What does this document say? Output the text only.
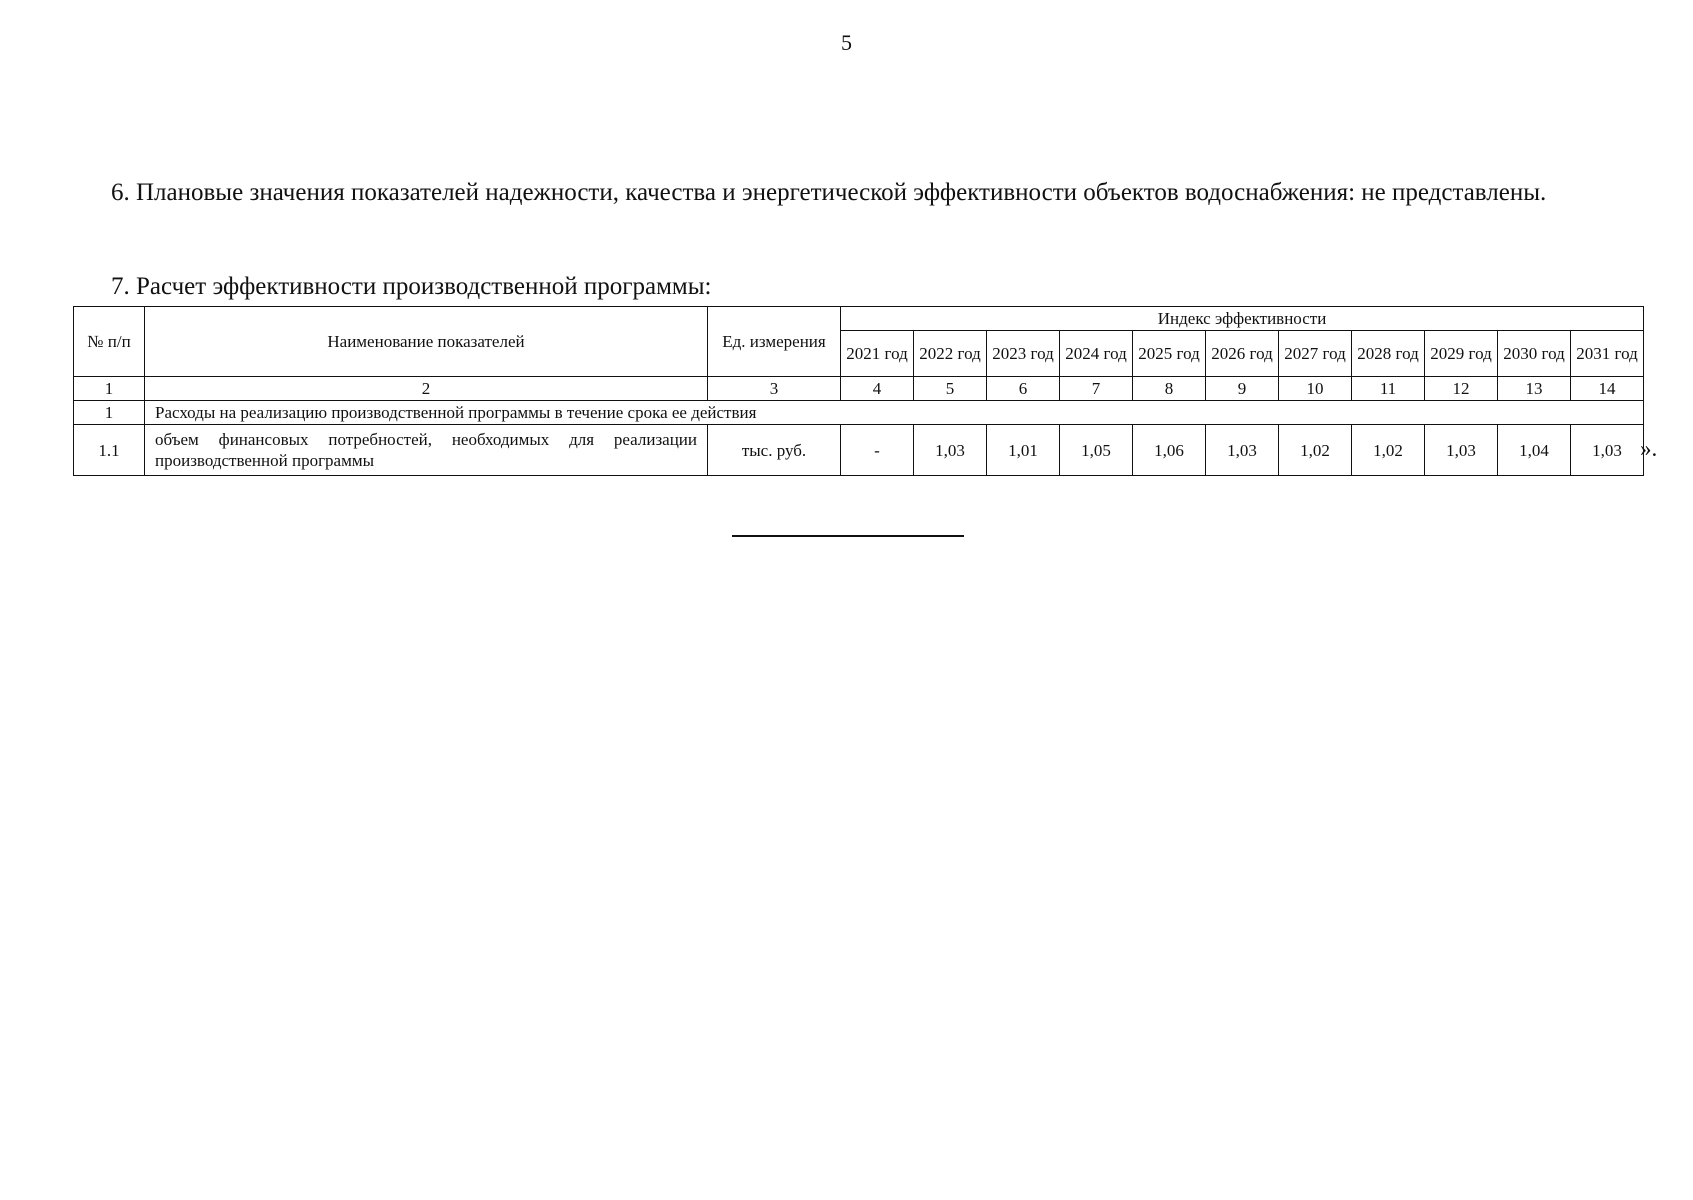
5
6. Плановые значения показателей надежности, качества и энергетической эффективности объектов водоснабжения: не представлены.
7. Расчет эффективности производственной программы:
№ п/п	Наименование показателей	Ед. измерения	Индекс эффективности										
			2021 год	2022 год	2023 год	2024 год	2025 год	2026 год	2027 год	2028 год	2029 год	2030 год	2031 год
1	2	3	4	5	6	7	8	9	10	11	12	13	14
1	Расходы на реализацию производственной программы в течение срока ее действия												
1.1	объем финансовых потребностей, необходимых для реализации производственной программы	тыс. руб.	-	1,03	1,01	1,05	1,06	1,03	1,02	1,02	1,03	1,04	1,03 ».
